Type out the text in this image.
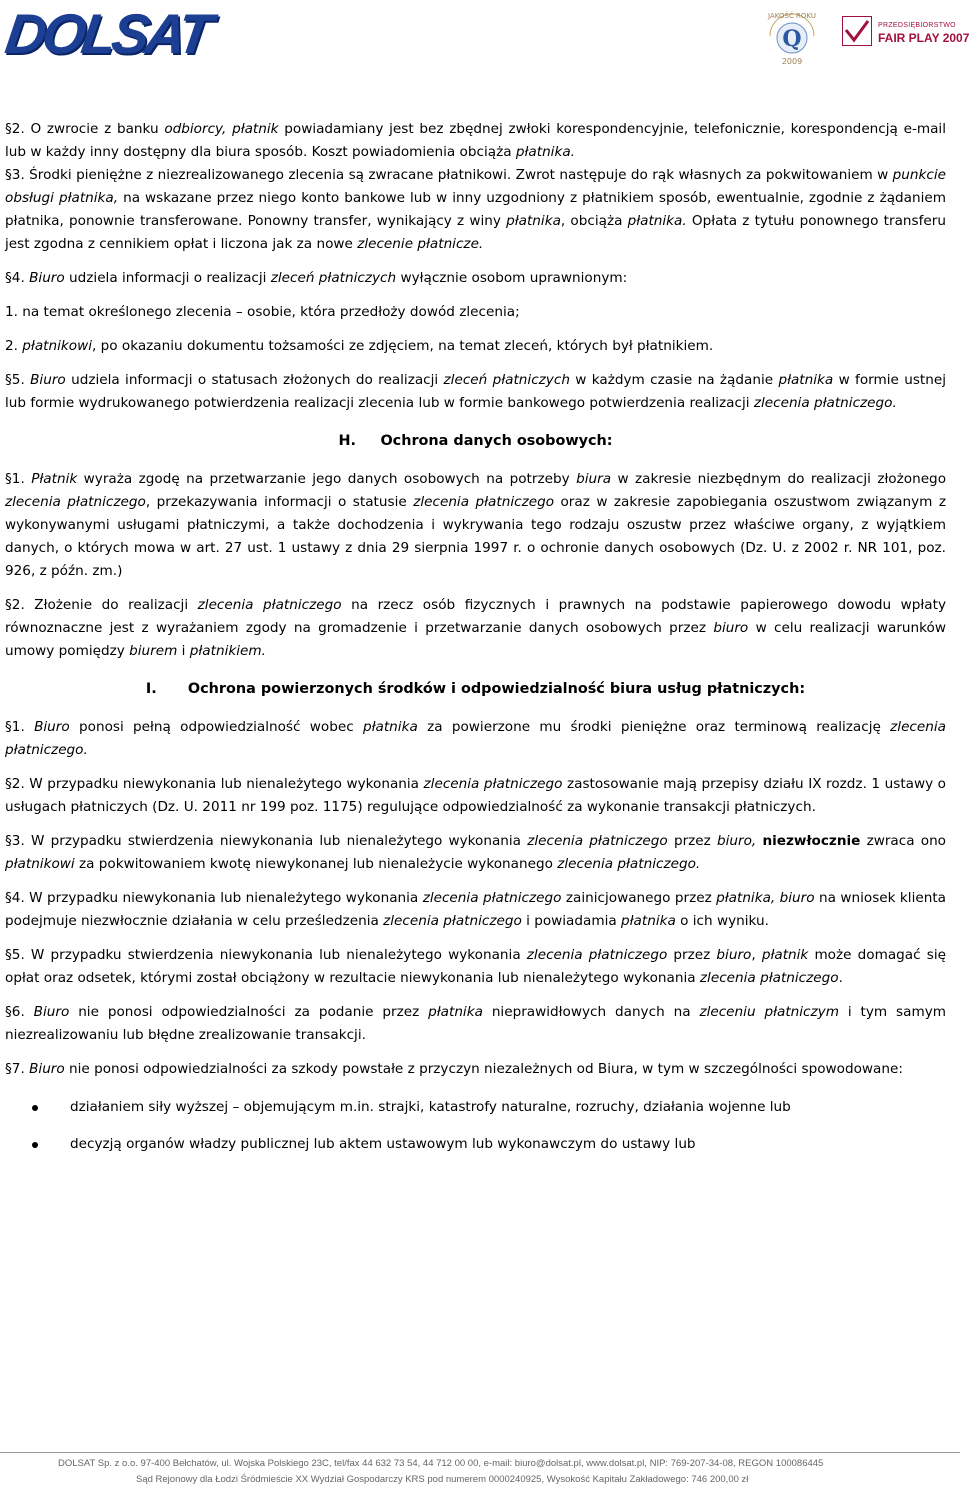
DOLSAT	JAKOŚĆ ROKU
Q
2009
PRZEDSIĘBIORSTWO
FAIR PLAY 2007

§2. O zwrocie z banku odbiorcy, płatnik powiadamiany jest bez zbędnej zwłoki korespondencyjnie, telefonicznie, korespondencją e-mail lub w każdy inny dostępny dla biura sposób. Koszt powiadomienia obciąża płatnika.

§3. Środki pieniężne z niezrealizowanego zlecenia są zwracane płatnikowi. Zwrot następuje do rąk własnych za pokwitowaniem w punkcie obsługi płatnika, na wskazane przez niego konto bankowe lub w inny uzgodniony z płatnikiem sposób, ewentualnie, zgodnie z żądaniem płatnika, ponownie transferowane. Ponowny transfer, wynikający z winy płatnika, obciąża płatnika. Opłata z tytułu ponownego transferu jest zgodna z cennikiem opłat i liczona jak za nowe zlecenie płatnicze.

§4. Biuro udziela informacji o realizacji zleceń płatniczych wyłącznie osobom uprawnionym:

1. na temat określonego zlecenia – osobie, która przedłoży dowód zlecenia;

2. płatnikowi, po okazaniu dokumentu tożsamości ze zdjęciem, na temat zleceń, których był płatnikiem.

§5. Biuro udziela informacji o statusach złożonych do realizacji zleceń płatniczych w każdym czasie na żądanie płatnika w formie ustnej lub formie wydrukowanego potwierdzenia realizacji zlecenia lub w formie bankowego potwierdzenia realizacji zlecenia płatniczego.

H. Ochrona danych osobowych:

§1. Płatnik wyraża zgodę na przetwarzanie jego danych osobowych na potrzeby biura w zakresie niezbędnym do realizacji złożonego zlecenia płatniczego, przekazywania informacji o statusie zlecenia płatniczego oraz w zakresie zapobiegania oszustwom związanym z wykonywanymi usługami płatniczymi, a także dochodzenia i wykrywania tego rodzaju oszustw przez właściwe organy, z wyjątkiem danych, o których mowa w art. 27 ust. 1 ustawy z dnia 29 sierpnia 1997 r. o ochronie danych osobowych (Dz. U. z 2002 r. NR 101, poz. 926, z późn. zm.)

§2. Złożenie do realizacji zlecenia płatniczego na rzecz osób fizycznych i prawnych na podstawie papierowego dowodu wpłaty równoznaczne jest z wyrażaniem zgody na gromadzenie i przetwarzanie danych osobowych przez biuro w celu realizacji warunków umowy pomiędzy biurem i płatnikiem.

I. Ochrona powierzonych środków i odpowiedzialność biura usług płatniczych:

§1. Biuro ponosi pełną odpowiedzialność wobec płatnika za powierzone mu środki pieniężne oraz terminową realizację zlecenia płatniczego.

§2. W przypadku niewykonania lub nienależytego wykonania zlecenia płatniczego zastosowanie mają przepisy działu IX rozdz. 1 ustawy o usługach płatniczych (Dz. U. 2011 nr 199 poz. 1175) regulujące odpowiedzialność za wykonanie transakcji płatniczych.

§3. W przypadku stwierdzenia niewykonania lub nienależytego wykonania zlecenia płatniczego przez biuro, niezwłocznie zwraca ono płatnikowi za pokwitowaniem kwotę niewykonanej lub nienależycie wykonanego zlecenia płatniczego.

§4. W przypadku niewykonania lub nienależytego wykonania zlecenia płatniczego zainicjowanego przez płatnika, biuro na wniosek klienta podejmuje niezwłocznie działania w celu prześledzenia zlecenia płatniczego i powiadamia płatnika o ich wyniku.

§5. W przypadku stwierdzenia niewykonania lub nienależytego wykonania zlecenia płatniczego przez biuro, płatnik może domagać się opłat oraz odsetek, którymi został obciążony w rezultacie niewykonania lub nienależytego wykonania zlecenia płatniczego.

§6. Biuro nie ponosi odpowiedzialności za podanie przez płatnika nieprawidłowych danych na zleceniu płatniczym i tym samym niezrealizowaniu lub błędne zrealizowanie transakcji.

§7. Biuro nie ponosi odpowiedzialności za szkody powstałe z przyczyn niezależnych od Biura, w tym w szczególności spowodowane:

działaniem siły wyższej – objemującym m.in. strajki, katastrofy naturalne, rozruchy, działania wojenne lub

decyzją organów władzy publicznej lub aktem ustawowym lub wykonawczym do ustawy lub

DOLSAT Sp. z o.o. 97-400 Bełchatów, ul. Wojska Polskiego 23C, tel/fax 44 632 73 54, 44 712 00 00, e-mail: biuro@dolsat.pl, www.dolsat.pl, NIP: 769-207-34-08, REGON 100086445
Sąd Rejonowy dla Łodzi Śródmieście XX Wydział Gospodarczy KRS pod numerem 0000240925, Wysokość Kapitału Zakładowego: 746 200,00 zł
